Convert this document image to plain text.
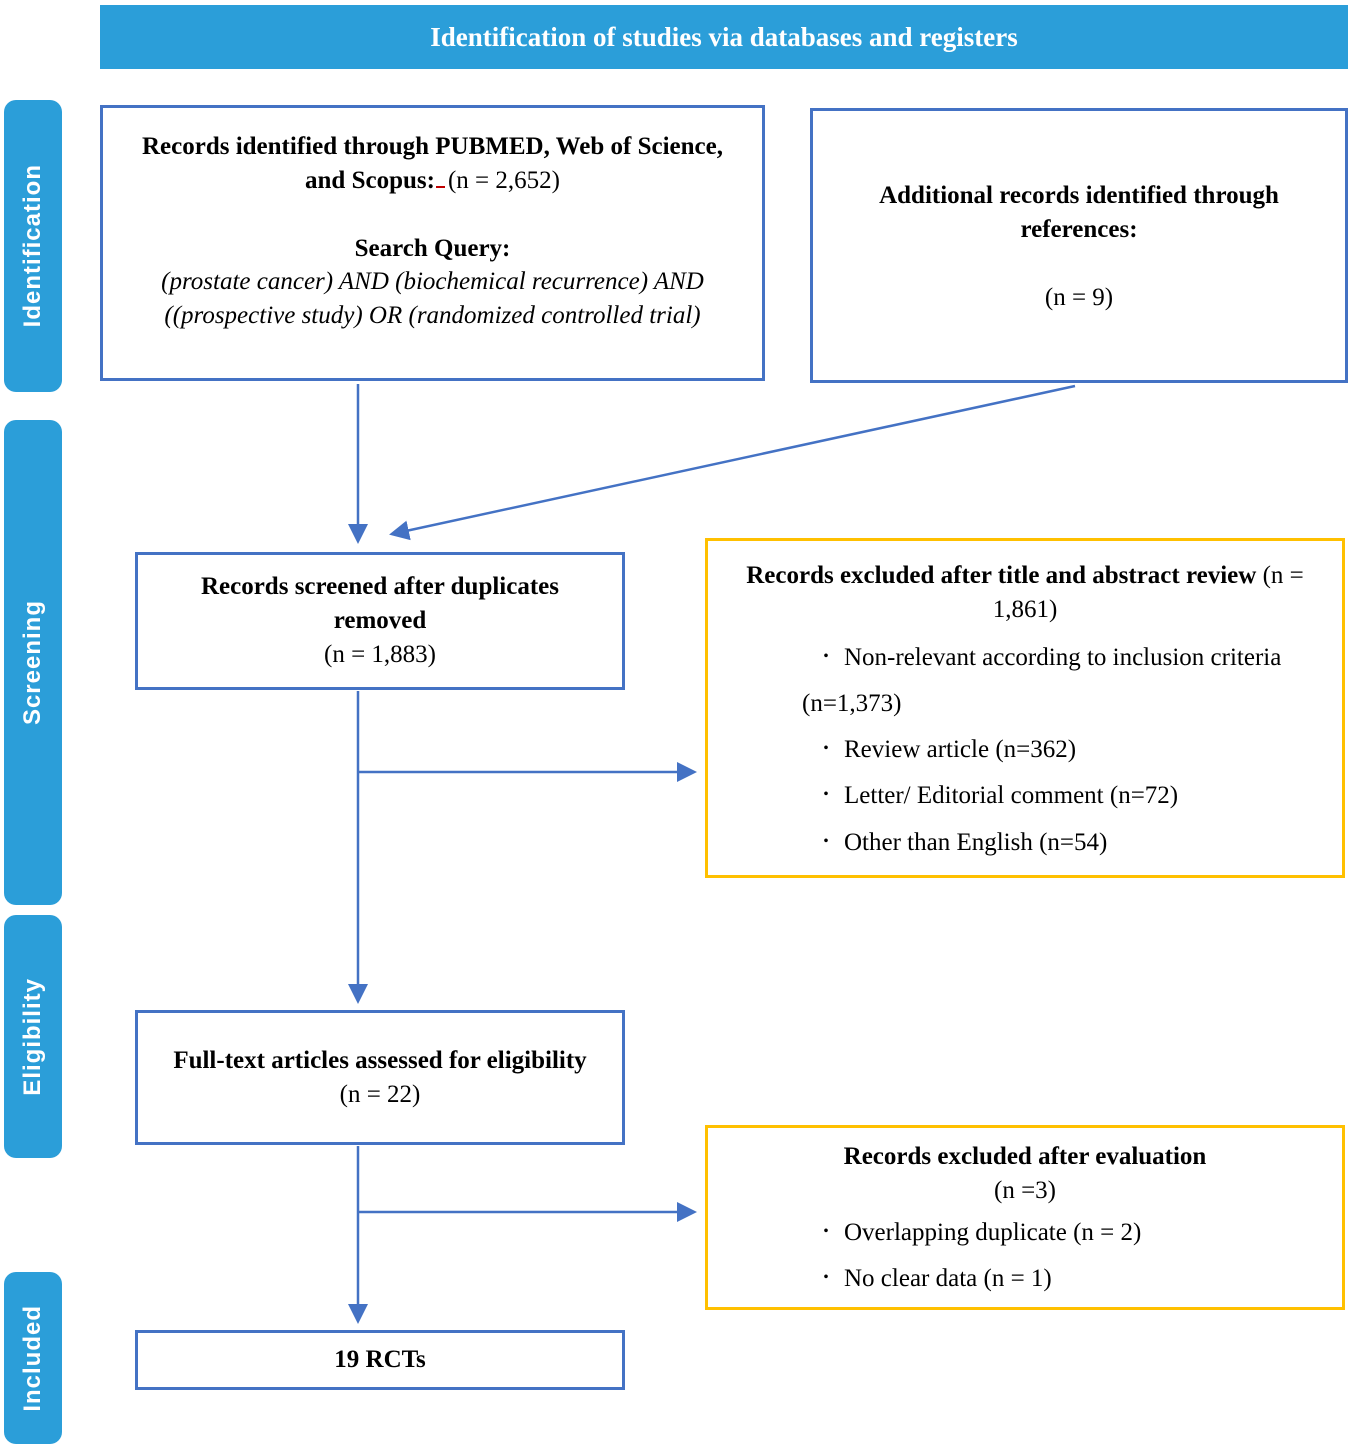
Identification of studies via databases and registers
Identification
Screening
Eligibility
Included

Records identified through PUBMED, Web of Science, and Scopus: (n = 2,652)

Search Query:

(prostate cancer) AND (biochemical recurrence) AND ((prospective study) OR (randomized controlled trial)

Additional records identified through references:

(n = 9)

Records screened after duplicates removed

(n = 1,883)

Records excluded after title and abstract review (n = 1,861)

・ Non-relevant according to inclusion criteria (n=1,373)
・ Review article (n=362)
・ Letter/ Editorial comment (n=72)
・ Other than English (n=54)

Full-text articles assessed for eligibility

(n = 22)

Records excluded after evaluation

(n =3)

・ Overlapping duplicate (n = 2)
・ No clear data (n = 1)

19 RCTs
